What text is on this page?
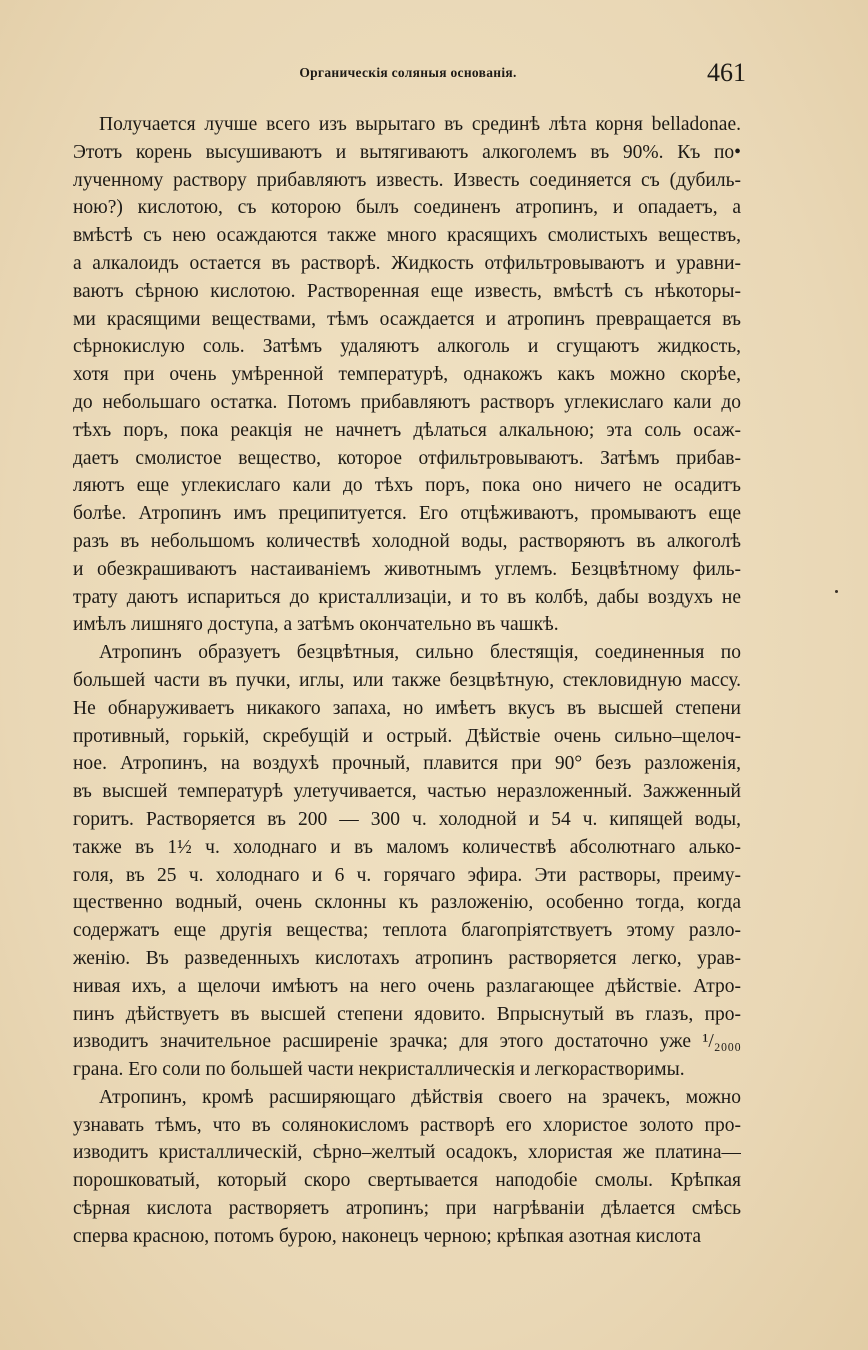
Органическія соляныя основанія.	461
Получается лучше всего изъ вырытаго въ срединѣ лѣта корня belladonae.
Этотъ корень высушиваютъ и вытягиваютъ алкоголемъ въ 90%. Къ по•
лученному раствору прибавляютъ известь. Известь соединяется съ (дубиль-
ною?) кислотою, съ которою былъ соединенъ атропинъ, и опадаетъ, а
вмѣстѣ съ нею осаждаются также много красящихъ смолистыхъ веществъ,
а алкалоидъ остается въ растворѣ. Жидкость отфильтровываютъ и уравни-
ваютъ сѣрною кислотою. Растворенная еще известь, вмѣстѣ съ нѣкоторы-
ми красящими веществами, тѣмъ осаждается и атропинъ превращается въ
сѣрнокислую соль. Затѣмъ удаляютъ алкоголь и сгущаютъ жидкость,
хотя при очень умѣренной температурѣ, однакожъ какъ можно скорѣе,
до небольшаго остатка. Потомъ прибавляютъ растворъ углекислаго кали до
тѣхъ поръ, пока реакція не начнетъ дѣлаться алкальною; эта соль осаж-
даетъ смолистое вещество, которое отфильтровываютъ. Затѣмъ прибав-
ляютъ еще углекислаго кали до тѣхъ поръ, пока оно ничего не осадитъ
болѣе. Атропинъ имъ преципитуется. Его отцѣживаютъ, промываютъ еще
разъ въ небольшомъ количествѣ холодной воды, растворяютъ въ алкоголѣ
и обезкрашиваютъ настаиваніемъ животнымъ углемъ. Безцвѣтному филь-
трату даютъ испариться до кристаллизаціи, и то въ колбѣ, дабы воздухъ не
имѣлъ лишняго доступа, а затѣмъ окончательно въ чашкѣ.
Атропинъ образуетъ безцвѣтныя, сильно блестящія, соединенныя по
большей части въ пучки, иглы, или также безцвѣтную, стекловидную массу.
Не обнаруживаетъ никакого запаха, но имѣетъ вкусъ въ высшей степени
противный, горькій, скребущій и острый. Дѣйствіе очень сильно–щелоч-
ное. Атропинъ, на воздухѣ прочный, плавится при 90° безъ разложенія,
въ высшей температурѣ улетучивается, частью неразложенный. Зажженный
горитъ. Растворяется въ 200 — 300 ч. холодной и 54 ч. кипящей воды,
также въ 1½ ч. холоднаго и въ маломъ количествѣ абсолютнаго алько-
голя, въ 25 ч. холоднаго и 6 ч. горячаго эфира. Эти растворы, преиму-
щественно водный, очень склонны къ разложенію, особенно тогда, когда
содержатъ еще другія вещества; теплота благопріятствуетъ этому разло-
женію. Въ разведенныхъ кислотахъ атропинъ растворяется легко, урав-
нивая ихъ, а щелочи имѣютъ на него очень разлагающее дѣйствіе. Атро-
пинъ дѣйствуетъ въ высшей степени ядовито. Впрыснутый въ глазъ, про-
изводитъ значительное расширеніе зрачка; для этого достаточно уже ¹/₂₀₀₀
грана. Его соли по большей части некристаллическія и легкорастворимы.
Атропинъ, кромѣ расширяющаго дѣйствія своего на зрачекъ, можно
узнавать тѣмъ, что въ солянокисломъ растворѣ его хлористое золото про-
изводитъ кристаллическій, сѣрно–желтый осадокъ, хлористая же платина—
порошковатый, который скоро свертывается наподобіе смолы. Крѣпкая
сѣрная кислота растворяетъ атропинъ; при нагрѣваніи дѣлается смѣсь
сперва красною, потомъ бурою, наконецъ черною; крѣпкая азотная кислота
